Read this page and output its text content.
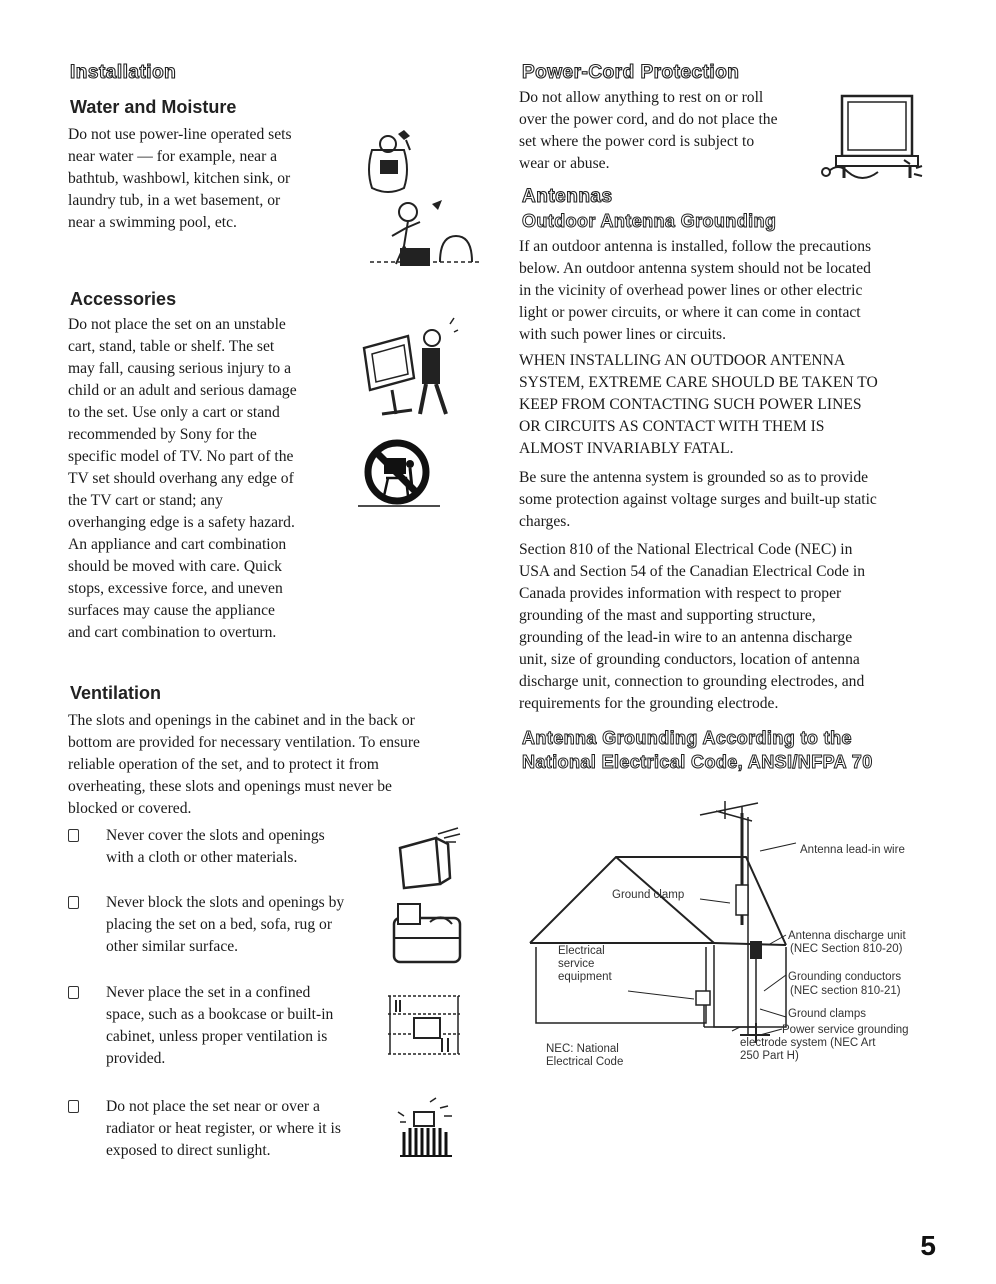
Installation
Water and Moisture

Do not use power-line operated sets
near water — for example, near a
bathtub, washbowl, kitchen sink, or
laundry tub, in a wet basement, or
near a swimming pool, etc.

Accessories

Do not place the set on an unstable
cart, stand, table or shelf. The set
may fall, causing serious injury to a
child or an adult and serious damage
to the set. Use only a cart or stand
recommended by Sony for the
specific model of TV. No part of the
TV set should overhang any edge of
the TV cart or stand; any
overhanging edge is a safety hazard.
An appliance and cart combination
should be moved with care. Quick
stops, excessive force, and uneven
surfaces may cause the appliance
and cart combination to overturn.

Ventilation

The slots and openings in the cabinet and in the back or
bottom are provided for necessary ventilation. To ensure
reliable operation of the set, and to protect it from
overheating, these slots and openings must never be
blocked or covered.

Never cover the slots and openings
with a cloth or other materials.
Never block the slots and openings by
placing the set on a bed, sofa, rug or
other similar surface.
Never place the set in a confined
space, such as a bookcase or built-in
cabinet, unless proper ventilation is
provided.
Do not place the set near or over a
radiator or heat register, or where it is
exposed to direct sunlight.
Power-Cord Protection

Do not allow anything to rest on or roll
over the power cord, and do not place the
set where the power cord is subject to
wear or abuse.

Antennas
Outdoor Antenna Grounding

If an outdoor antenna is installed, follow the precautions
below. An outdoor antenna system should not be located
in the vicinity of overhead power lines or other electric
light or power circuits, or where it can come in contact
with such power lines or circuits.

WHEN INSTALLING AN OUTDOOR ANTENNA
SYSTEM, EXTREME CARE SHOULD BE TAKEN TO
KEEP FROM CONTACTING SUCH POWER LINES
OR CIRCUITS AS CONTACT WITH THEM IS
ALMOST INVARIABLY FATAL.

Be sure the antenna system is grounded so as to provide
some protection against voltage surges and built-up static
charges.

Section 810 of the National Electrical Code (NEC) in
USA and Section 54 of the Canadian Electrical Code in
Canada provides information with respect to proper
grounding of the mast and supporting structure,
grounding of the lead-in wire to an antenna discharge
unit, size of grounding conductors, location of antenna
discharge unit, connection to grounding electrodes, and
requirements for the grounding electrode.

Antenna Grounding According to the
National Electrical Code, ANSI/NFPA 70
Antenna lead-in wire
Ground clamp
Antenna discharge unit
(NEC Section 810-20)
Electrical
service
equipment	Grounding conductors
(NEC section 810-21)
Ground clamps
Power service grounding
electrode system (NEC Art
250 Part H)
NEC: National
Electrical Code

5
